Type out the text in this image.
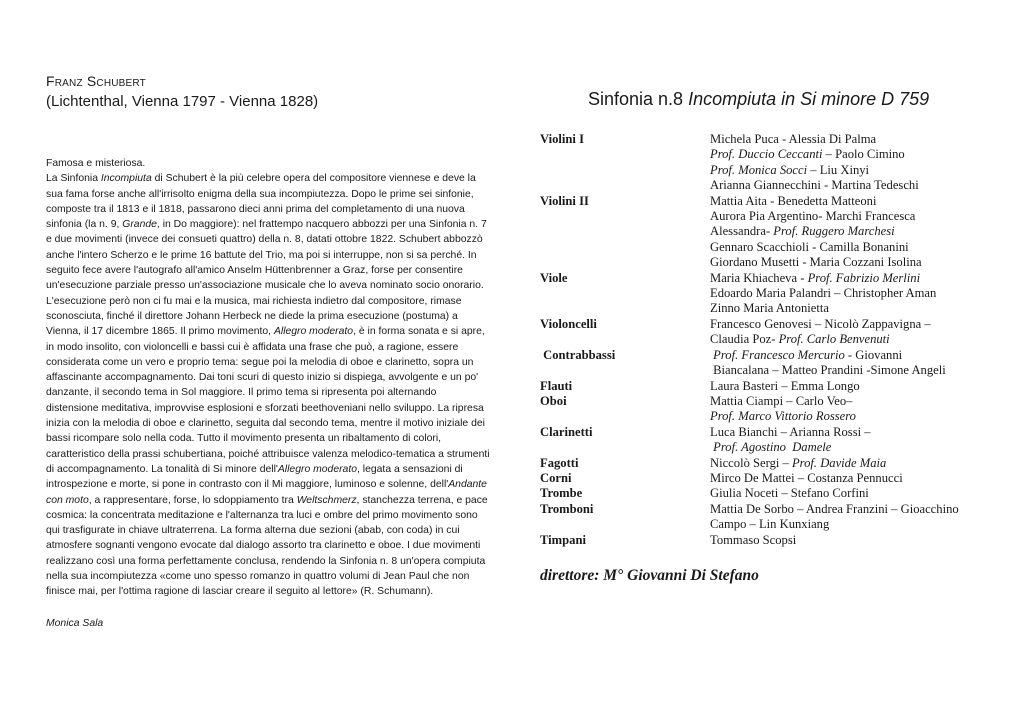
Franz Schubert

(Lichtenthal, Vienna 1797 - Vienna 1828)

Famosa e misteriosa.

La Sinfonia Incompiuta di Schubert è la più celebre opera del compositore viennese e deve la sua fama forse anche all'irrisolto enigma della sua incompiutezza. Dopo le prime sei sinfonie, composte tra il 1813 e il 1818, passarono dieci anni prima del completamento di una nuova sinfonia (la n. 9, Grande, in Do maggiore): nel frattempo nacquero abbozzi per una Sinfonia n. 7 e due movimenti (invece dei consueti quattro) della n. 8, datati ottobre 1822. Schubert abbozzò anche l'intero Scherzo e le prime 16 battute del Trio, ma poi si interruppe, non si sa perché. In seguito fece avere l'autografo all'amico Anselm Hüttenbrenner a Graz, forse per consentire un'esecuzione parziale presso un'associazione musicale che lo aveva nominato socio onorario. L'esecuzione però non ci fu mai e la musica, mai richiesta indietro dal compositore, rimase sconosciuta, finché il direttore Johann Herbeck ne diede la prima esecuzione (postuma) a Vienna, il 17 dicembre 1865. Il primo movimento, Allegro moderato, è in forma sonata e si apre, in modo insolito, con violoncelli e bassi cui è affidata una frase che può, a ragione, essere considerata come un vero e proprio tema: segue poi la melodia di oboe e clarinetto, sopra un affascinante accompagnamento. Dai toni scuri di questo inizio si dispiega, avvolgente e un po' danzante, il secondo tema in Sol maggiore. Il primo tema si ripresenta poi alternando distensione meditativa, improvvise esplosioni e sforzati beethoveniani nello sviluppo. La ripresa inizia con la melodia di oboe e clarinetto, seguita dal secondo tema, mentre il motivo iniziale dei bassi ricompare solo nella coda. Tutto il movimento presenta un ribaltamento di colori, caratteristico della prassi schubertiana, poiché attribuisce valenza melodico-tematica a strumenti di accompagnamento. La tonalità di Si minore dell'Allegro moderato, legata a sensazioni di introspezione e morte, si pone in contrasto con il Mi maggiore, luminoso e solenne, dell'Andante con moto, a rappresentare, forse, lo sdoppiamento tra Weltschmerz, stanchezza terrena, e pace cosmica: la concentrata meditazione e l'alternanza tra luci e ombre del primo movimento sono qui trasfigurate in chiave ultraterrena. La forma alterna due sezioni (abab, con coda) in cui atmosfere sognanti vengono evocate dal dialogo assorto tra clarinetto e oboe. I due movimenti realizzano così una forma perfettamente conclusa, rendendo la Sinfonia n. 8 un'opera compiuta nella sua incompiutezza «come uno spesso romanzo in quattro volumi di Jean Paul che non finisce mai, per l'ottima ragione di lasciar creare il seguito al lettore» (R. Schumann).

Monica Sala

Sinfonia n.8 Incompiuta in Si minore D 759

Violini I	Michela Puca - Alessia Di Palma
Prof. Duccio Ceccanti – Paolo Cimino
Prof. Monica Socci – Liu Xinyi
Arianna Giannecchini - Martina Tedeschi
Violini II	Mattia Aita - Benedetta Matteoni
Aurora Pia Argentino- Marchi Francesca
Alessandra- Prof. Ruggero Marchesi
Gennaro Scacchioli - Camilla Bonanini
Giordano Musetti - Maria Cozzani Isolina
Viole	Maria Khiacheva - Prof. Fabrizio Merlini
Edoardo Maria Palandri – Christopher Aman
Zinno Maria Antonietta
Violoncelli	Francesco Genovesi – Nicolò Zappavigna –
Claudia Poz- Prof. Carlo Benvenuti
Contrabbassi	Prof. Francesco Mercurio - Giovanni
Biancalana – Matteo Prandini -Simone Angeli
Flauti	Laura Basteri – Emma Longo
Oboi	Mattia Ciampi – Carlo Veo–
Prof. Marco Vittorio Rossero
Clarinetti	Luca Bianchi – Arianna Rossi –
Prof. Agostino  Damele
Fagotti	Niccolò Sergi – Prof. Davide Maia
Corni	Mirco De Mattei – Costanza Pennucci
Trombe	Giulia Noceti – Stefano Corfini
Tromboni	Mattia De Sorbo – Andrea Franzini – Gioacchino
Campo – Lin Kunxiang
Timpani	Tommaso Scopsi
direttore: M° Giovanni Di Stefano
